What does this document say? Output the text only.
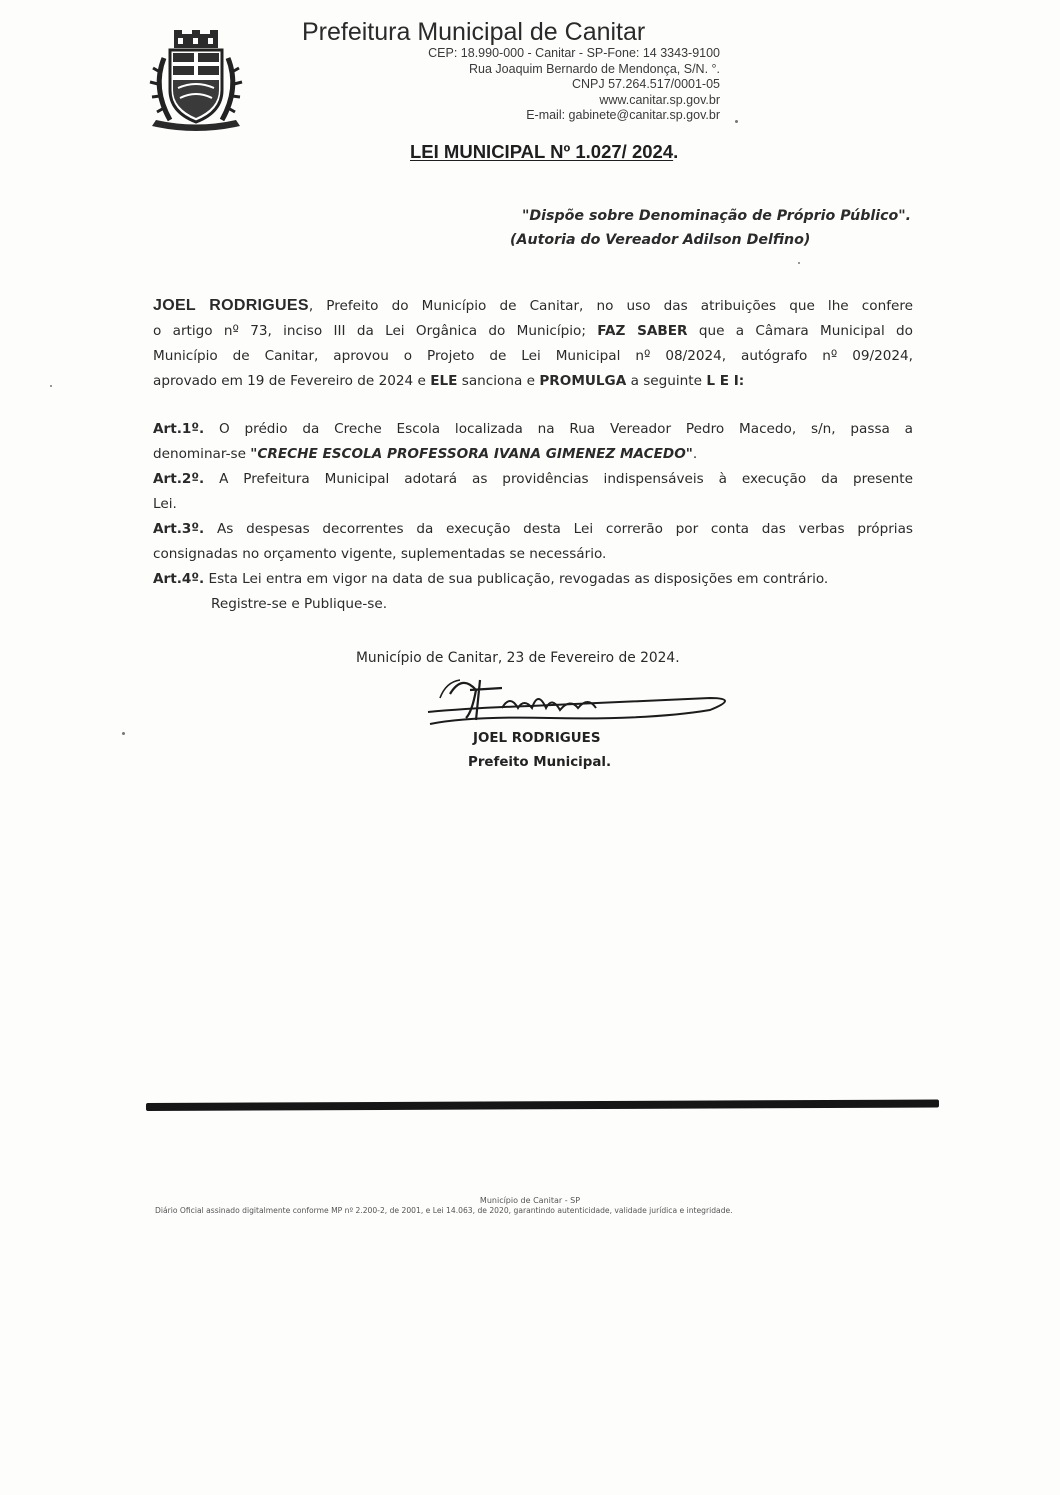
Prefeitura Municipal de Canitar
CEP: 18.990-000 - Canitar - SP-Fone: 14 3343-9100
Rua Joaquim Bernardo de Mendonça, S/N. °.
CNPJ 57.264.517/0001-05
www.canitar.sp.gov.br
E-mail: gabinete@canitar.sp.gov.br
LEI MUNICIPAL Nº 1.027/ 2024.
"Dispõe sobre Denominação de Próprio Público".
(Autoria do Vereador Adilson Delfino)
JOEL RODRIGUES, Prefeito do Município de Canitar, no uso das atribuições que lhe confere
o artigo nº 73, inciso III da Lei Orgânica do Município; FAZ SABER que a Câmara Municipal do
Município de Canitar, aprovou o Projeto de Lei Municipal nº 08/2024, autógrafo nº 09/2024,
aprovado em 19 de Fevereiro de 2024 e ELE sanciona e PROMULGA a seguinte L E I:
Art.1º. O prédio da Creche Escola localizada na Rua Vereador Pedro Macedo, s/n, passa a
denominar-se "CRECHE ESCOLA PROFESSORA IVANA GIMENEZ MACEDO".
Art.2º. A Prefeitura Municipal adotará as providências indispensáveis à execução da presente
Lei.
Art.3º. As despesas decorrentes da execução desta Lei correrão por conta das verbas próprias
consignadas no orçamento vigente, suplementadas se necessário.
Art.4º. Esta Lei entra em vigor na data de sua publicação, revogadas as disposições em contrário.
Registre-se e Publique-se.
Município de Canitar, 23 de Fevereiro de 2024.
JOEL RODRIGUES
Prefeito Municipal.
Município de Canitar - SP
Diário Oficial assinado digitalmente conforme MP nº 2.200-2, de 2001, e Lei 14.063, de 2020, garantindo autenticidade, validade jurídica e integridade.
